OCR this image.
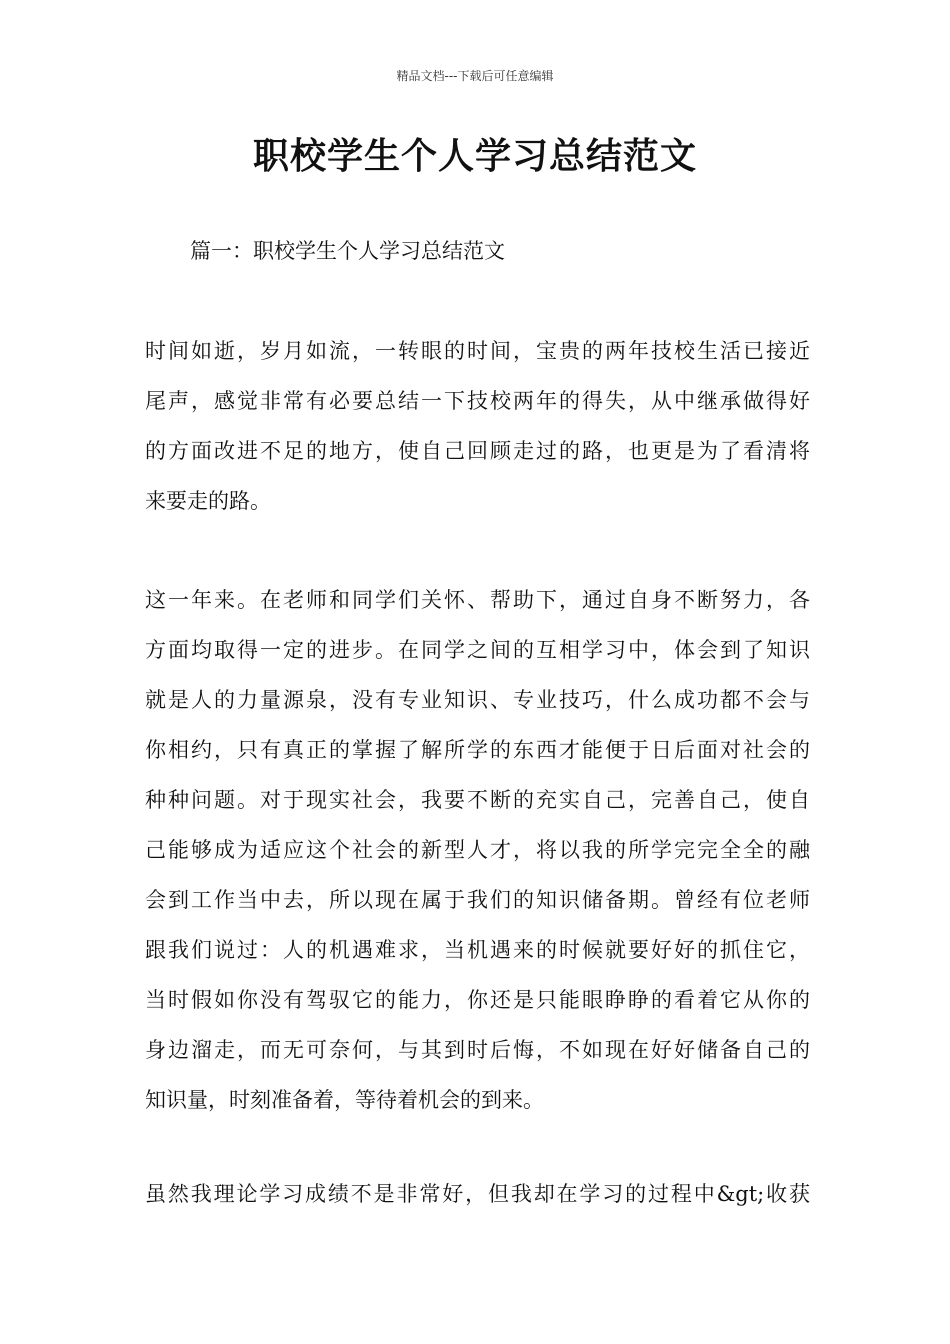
精品文档---下载后可任意编辑
职校学生个人学习总结范文
篇一：职校学生个人学习总结范文
时间如逝，岁月如流，一转眼的时间，宝贵的两年技校生活已接近
尾声，感觉非常有必要总结一下技校两年的得失，从中继承做得好
的方面改进不足的地方，使自己回顾走过的路，也更是为了看清将
来要走的路。
这一年来。在老师和同学们关怀、帮助下，通过自身不断努力，各
方面均取得一定的进步。在同学之间的互相学习中，体会到了知识
就是人的力量源泉，没有专业知识、专业技巧，什么成功都不会与
你相约，只有真正的掌握了解所学的东西才能便于日后面对社会的
种种问题。对于现实社会，我要不断的充实自己，完善自己，使自
己能够成为适应这个社会的新型人才，将以我的所学完完全全的融
会到工作当中去，所以现在属于我们的知识储备期。曾经有位老师
跟我们说过：人的机遇难求，当机遇来的时候就要好好的抓住它，
当时假如你没有驾驭它的能力，你还是只能眼睁睁的看着它从你的
身边溜走，而无可奈何，与其到时后悔，不如现在好好储备自己的
知识量，时刻准备着，等待着机会的到来。
虽然我理论学习成绩不是非常好，但我却在学习的过程中&gt;收获
